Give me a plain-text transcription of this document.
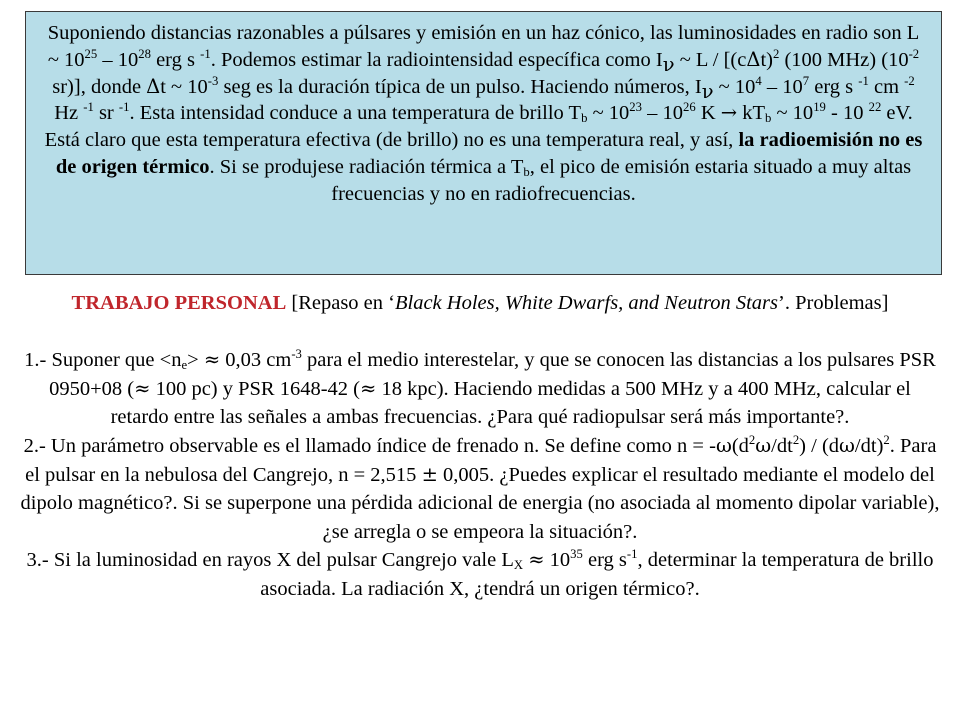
Suponiendo distancias razonables a púlsares y emisión en un haz cónico, las luminosidades en radio son L ~ $10^{25} - 10^{28}$ erg s $^{-1}$. Podemos estimar la radiointensidad específica como $I_\nu$ ~ L / [$(c\Delta t)^2$ (100 MHz) ($10^{-2}$ sr)], donde Δt ~ $10^{-3}$ seg es la duración típica de un pulso. Haciendo números, $I_\nu$ ~ $10^4 - 10^7$ erg s $^{-1}$ cm $^{-2}$ Hz $^{-1}$ sr $^{-1}$. Esta intensidad conduce a una temperatura de brillo $T_b$ ~ $10^{23} - 10^{26}$ $K \to kT_b$ ~ $10^{19} - 10$ $^{22}$ eV. Está claro que esta temperatura efectiva (de brillo) no es una temperatura real, y así, la radioemisión no es de origen térmico. Si se produjese radiación térmica a $T_b$, el pico de emisión estaria situado a muy altas frecuencias y no en radiofrecuencias.

TRABAJO PERSONAL [Repaso en ‘Black Holes, White Dwarfs, and Neutron Stars’. Problemas]

1.- Suponer que $<n_e> \approx 0,03$ $cm^{-3}$ para el medio interestelar, y que se conocen las distancias a los pulsares PSR 0950+08 (≈ 100 pc) y PSR 1648-42 (≈ 18 kpc). Haciendo medidas a 500 MHz y a 400 MHz, calcular el retardo entre las señales a ambas frecuencias. ¿Para qué radiopulsar será más importante?.

2.- Un parámetro observable es el llamado índice de frenado n. Se define como $n = -\omega(d^2\omega/dt^2) / (d\omega/dt)^2$. Para el pulsar en la nebulosa del Cangrejo, n = 2,515 ± 0,005. ¿Puedes explicar el resultado mediante el modelo del dipolo magnético?. Si se superpone una pérdida adicional de energia (no asociada al momento dipolar variable), ¿se arregla o se empeora la situación?.

3.- Si la luminosidad en rayos X del pulsar Cangrejo vale $L_X \approx 10^{35}$ erg $s^{-1}$, determinar la temperatura de brillo asociada. La radiación X, ¿tendrá un origen térmico?.
